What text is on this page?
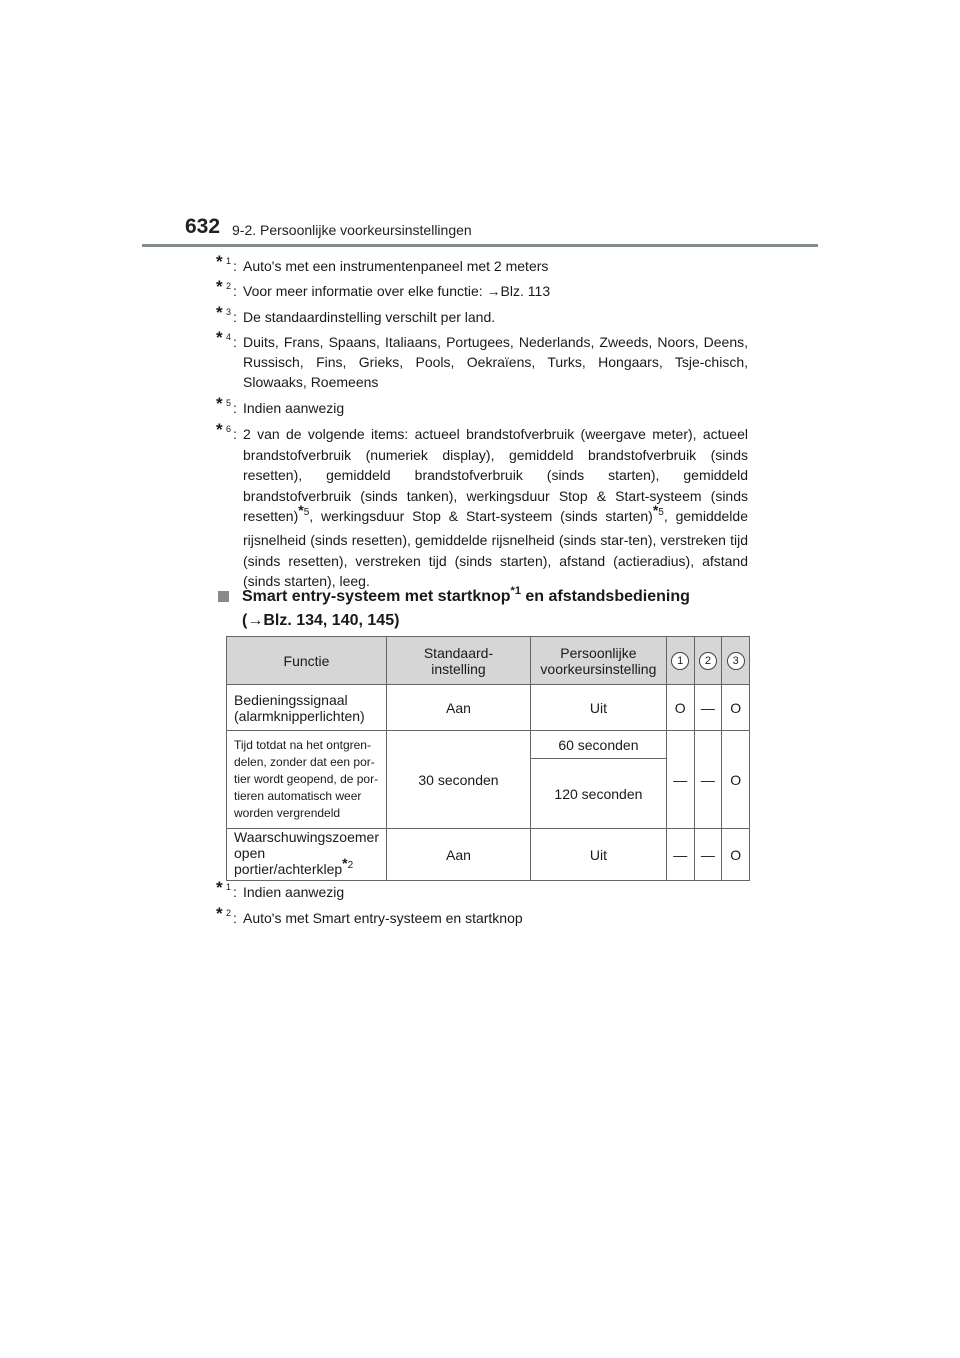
632 9-2. Persoonlijke voorkeursinstellingen
* 1 : Auto's met een instrumentenpaneel met 2 meters
* 2 : Voor meer informatie over elke functie: →Blz. 113
* 3 : De standaardinstelling verschilt per land.
* 4 : Duits, Frans, Spaans, Italiaans, Portugees, Nederlands, Zweeds, Noors, Deens, Russisch, Fins, Grieks, Pools, Oekraïens, Turks, Hongaars, Tsje-chisch, Slowaaks, Roemeens
* 5 : Indien aanwezig
* 6 : 2 van de volgende items: actueel brandstofverbruik (weergave meter), actueel brandstofverbruik (numeriek display), gemiddeld brandstofverbruik (sinds resetten), gemiddeld brandstofverbruik (sinds starten), gemiddeld brandstofverbruik (sinds tanken), werkingsduur Stop & Start-systeem (sinds resetten)$^{*5}$, werkingsduur Stop & Start-systeem (sinds starten)$^{*5}$, gemiddelde rijsnelheid (sinds resetten), gemiddelde rijsnelheid (sinds star-ten), verstreken tijd (sinds resetten), verstreken tijd (sinds starten), afstand (actieradius), afstand (sinds starten), leeg.
Smart entry-systeem met startknop$^{*1}$ en afstandsbediening
(→Blz. 134, 140, 145)
Functie	Standaard-instelling	Persoonlijke voorkeursinstelling	1	2	3

Bedieningssignaal (alarmknipperlichten)	Aan	Uit	O	—	O

Tijd totdat na het ontgren-delen, zonder dat een por-tier wordt geopend, de por-tieren automatisch weer worden vergrendeld	30 seconden	60 seconden	—	—	O
		120 seconden			

Waarschuwingszoemer open portier/achterklep$^{*2}$	Aan	Uit	—	—	O
* 1 : Indien aanwezig
* 2 : Auto's met Smart entry-systeem en startknop
